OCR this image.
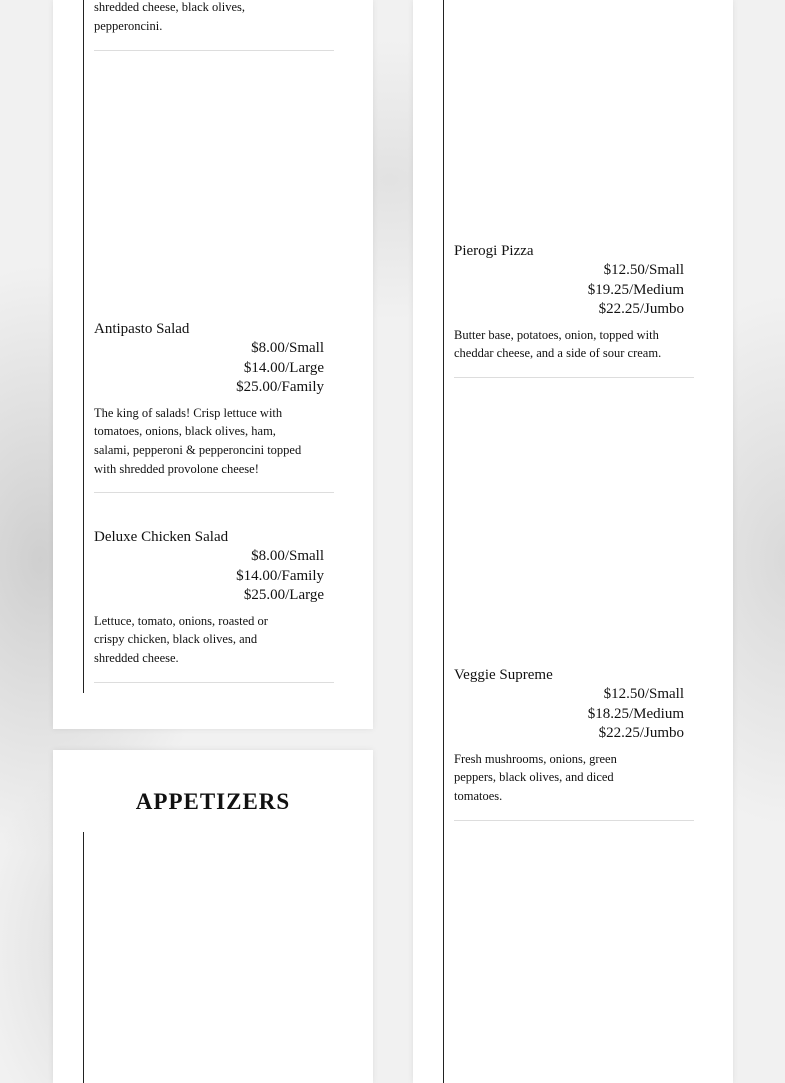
shredded cheese, black olives, pepperoncini.
Antipasto Salad
$8.00/Small
$14.00/Large
$25.00/Family
The king of salads! Crisp lettuce with tomatoes, onions, black olives, ham, salami, pepperoni & pepperoncini topped with shredded provolone cheese!
Deluxe Chicken Salad
$8.00/Small
$14.00/Family
$25.00/Large
Lettuce, tomato, onions, roasted or crispy chicken, black olives, and shredded cheese.
APPETIZERS
Pierogi Pizza
$12.50/Small
$19.25/Medium
$22.25/Jumbo
Butter base, potatoes, onion, topped with cheddar cheese, and a side of sour cream.
Veggie Supreme
$12.50/Small
$18.25/Medium
$22.25/Jumbo
Fresh mushrooms, onions, green peppers, black olives, and diced tomatoes.
